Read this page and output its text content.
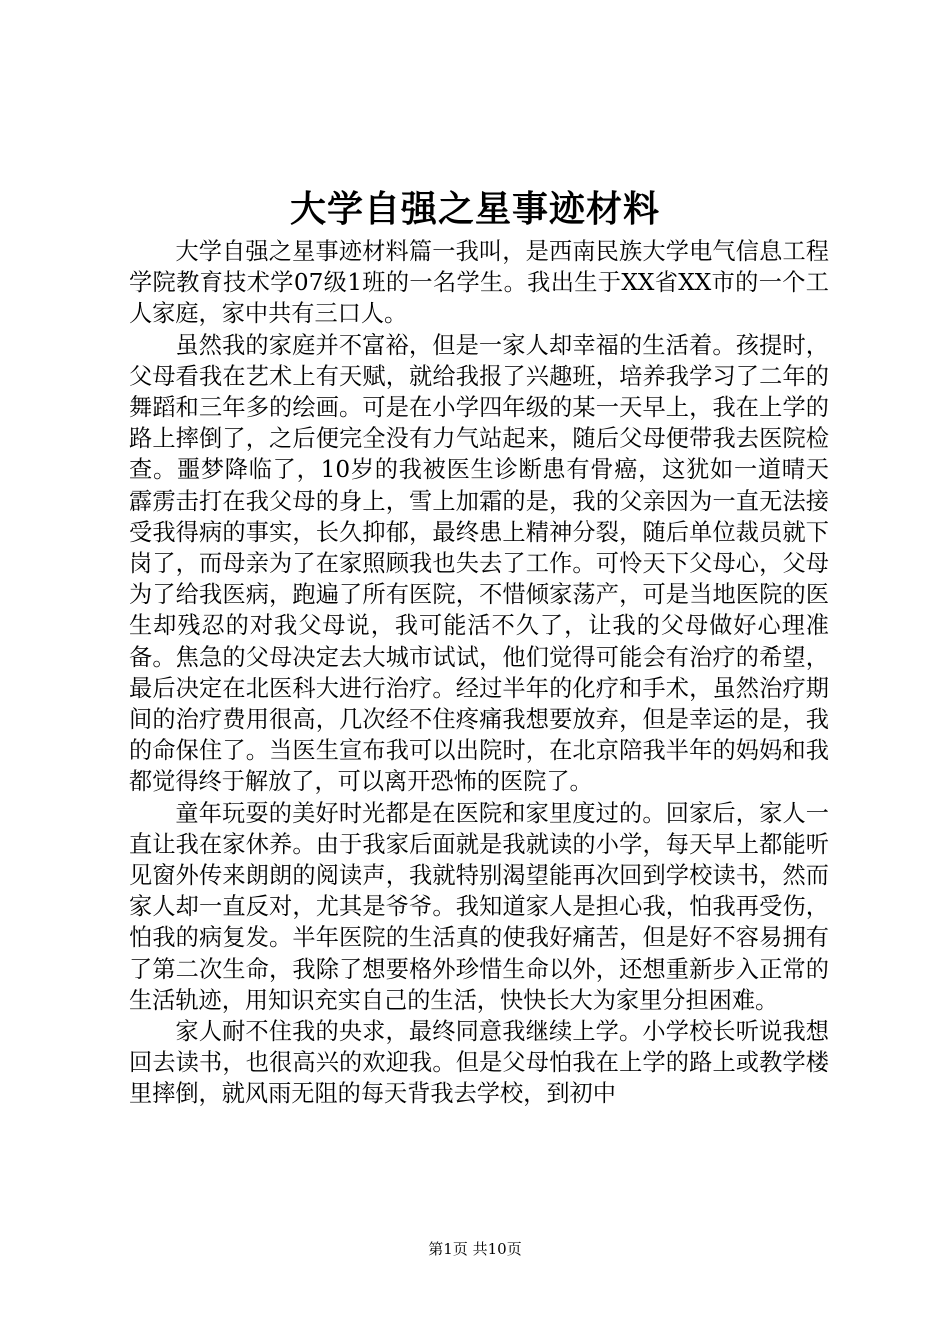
大学自强之星事迹材料

大学自强之星事迹材料篇一我叫，是西南民族大学电气信息工程学院教育技术学07级1班的一名学生。我出生于XX省XX市的一个工人家庭，家中共有三口人。

虽然我的家庭并不富裕，但是一家人却幸福的生活着。孩提时，父母看我在艺术上有天赋，就给我报了兴趣班，培养我学习了二年的舞蹈和三年多的绘画。可是在小学四年级的某一天早上，我在上学的路上摔倒了，之后便完全没有力气站起来，随后父母便带我去医院检查。噩梦降临了，10岁的我被医生诊断患有骨癌，这犹如一道晴天霹雳击打在我父母的身上，雪上加霜的是，我的父亲因为一直无法接受我得病的事实，长久抑郁，最终患上精神分裂，随后单位裁员就下岗了，而母亲为了在家照顾我也失去了工作。可怜天下父母心，父母为了给我医病，跑遍了所有医院，不惜倾家荡产，可是当地医院的医生却残忍的对我父母说，我可能活不久了，让我的父母做好心理准备。焦急的父母决定去大城市试试，他们觉得可能会有治疗的希望，最后决定在北医科大进行治疗。经过半年的化疗和手术，虽然治疗期间的治疗费用很高，几次经不住疼痛我想要放弃，但是幸运的是，我的命保住了。当医生宣布我可以出院时，在北京陪我半年的妈妈和我都觉得终于解放了，可以离开恐怖的医院了。

童年玩耍的美好时光都是在医院和家里度过的。回家后，家人一直让我在家休养。由于我家后面就是我就读的小学，每天早上都能听见窗外传来朗朗的阅读声，我就特别渴望能再次回到学校读书，然而家人却一直反对，尤其是爷爷。我知道家人是担心我，怕我再受伤，怕我的病复发。半年医院的生活真的使我好痛苦，但是好不容易拥有了第二次生命，我除了想要格外珍惜生命以外，还想重新步入正常的生活轨迹，用知识充实自己的生活，快快长大为家里分担困难。

家人耐不住我的央求，最终同意我继续上学。小学校长听说我想回去读书，也很高兴的欢迎我。但是父母怕我在上学的路上或教学楼里摔倒，就风雨无阻的每天背我去学校，到初中

第1页 共10页
